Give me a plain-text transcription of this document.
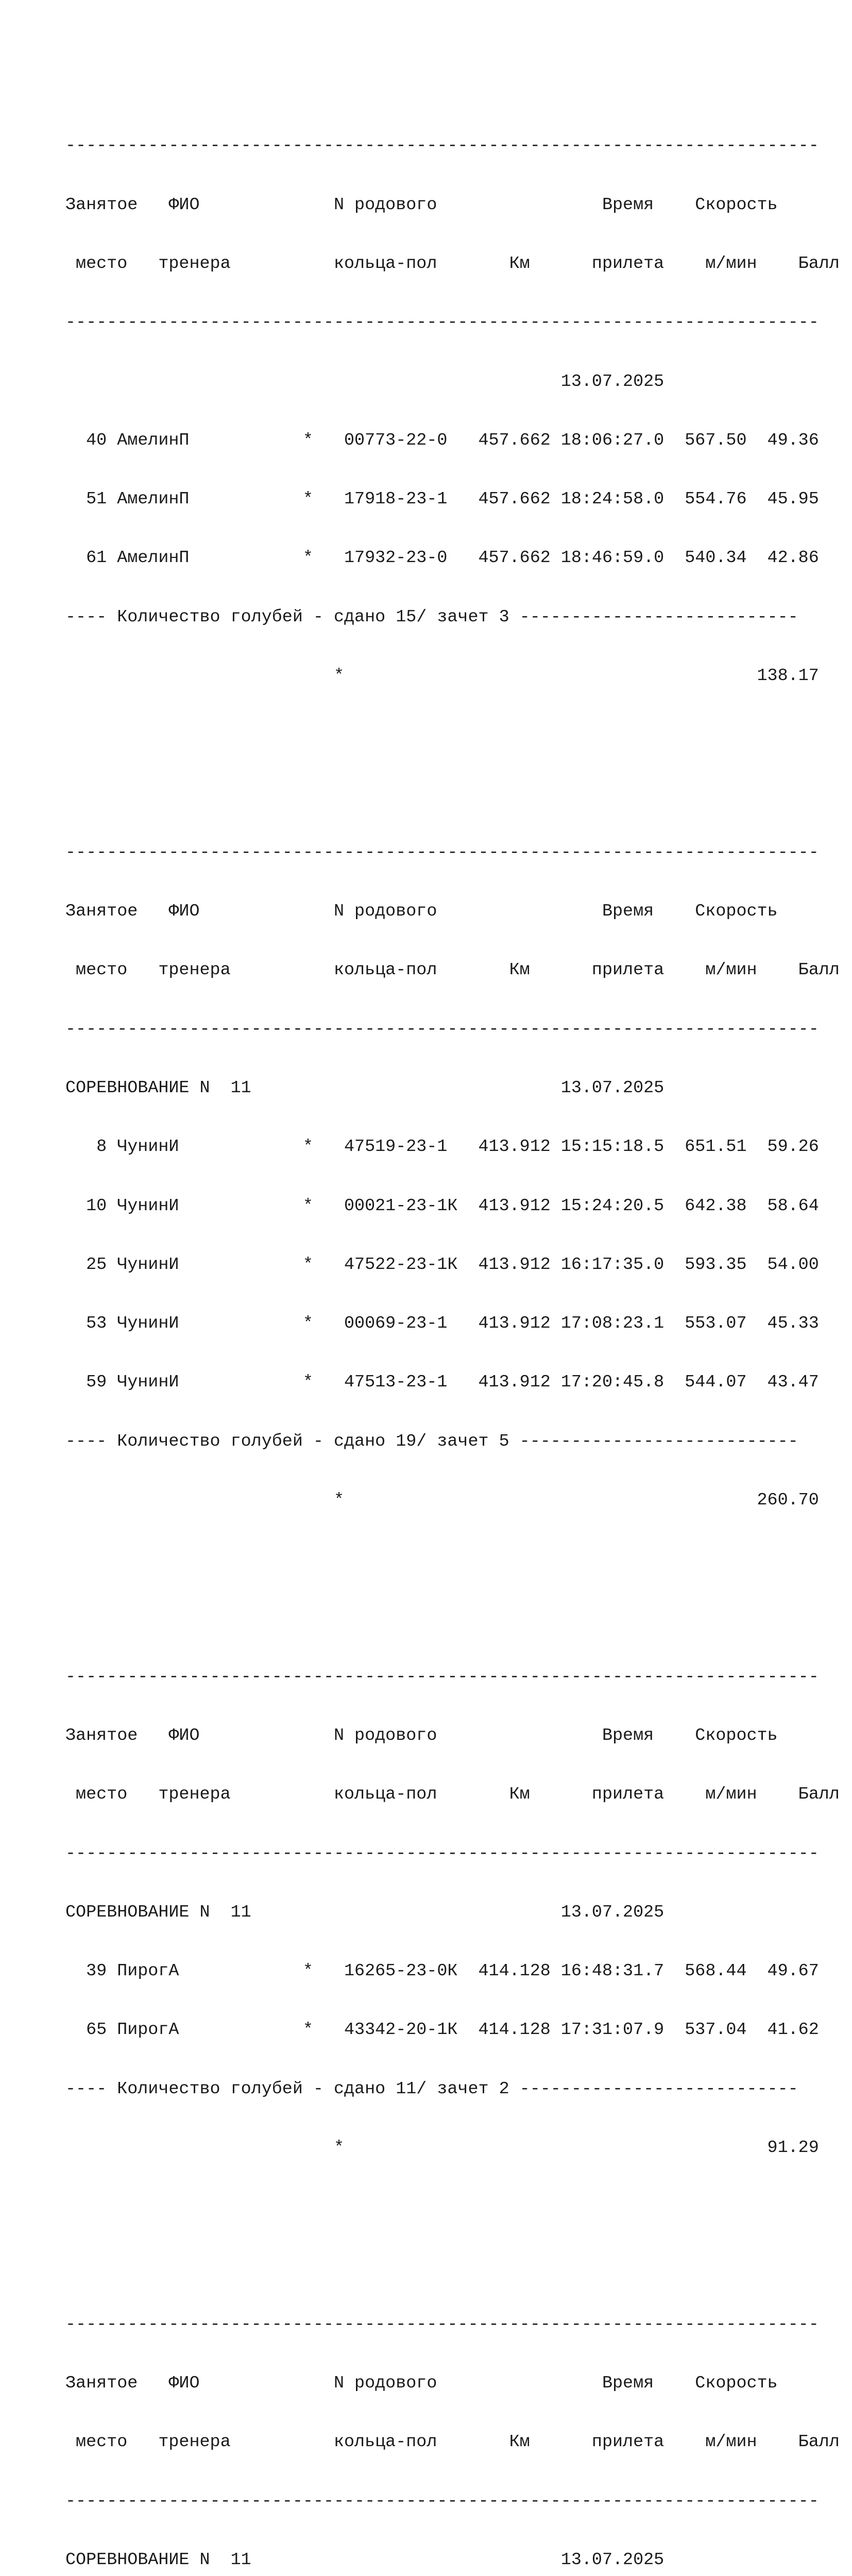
-------------------------------------------------------------------------

Занятое   ФИО             N родового                Время    Скорость

место   тренера          кольца-пол       Км      прилета    м/мин    Балл

-------------------------------------------------------------------------

13.07.2025

40 АмелинП           *   00773-22-0   457.662 18:06:27.0  567.50  49.36

51 АмелинП           *   17918-23-1   457.662 18:24:58.0  554.76  45.95

61 АмелинП           *   17932-23-0   457.662 18:46:59.0  540.34  42.86

---- Количество голубей - сдано 15/ зачет 3 ---------------------------

*                                        138.17

-------------------------------------------------------------------------

Занятое   ФИО             N родового                Время    Скорость

место   тренера          кольца-пол       Км      прилета    м/мин    Балл

-------------------------------------------------------------------------

СОРЕВНОВАНИЕ N  11                              13.07.2025

8 ЧунинИ            *   47519-23-1   413.912 15:15:18.5  651.51  59.26

10 ЧунинИ            *   00021-23-1К  413.912 15:24:20.5  642.38  58.64

25 ЧунинИ            *   47522-23-1К  413.912 16:17:35.0  593.35  54.00

53 ЧунинИ            *   00069-23-1   413.912 17:08:23.1  553.07  45.33

59 ЧунинИ            *   47513-23-1   413.912 17:20:45.8  544.07  43.47

---- Количество голубей - сдано 19/ зачет 5 ---------------------------

*                                        260.70

-------------------------------------------------------------------------

Занятое   ФИО             N родового                Время    Скорость

место   тренера          кольца-пол       Км      прилета    м/мин    Балл

-------------------------------------------------------------------------

СОРЕВНОВАНИЕ N  11                              13.07.2025

39 ПирогА            *   16265-23-0К  414.128 16:48:31.7  568.44  49.67

65 ПирогА            *   43342-20-1К  414.128 17:31:07.9  537.04  41.62

---- Количество голубей - сдано 11/ зачет 2 ---------------------------

*                                         91.29

-------------------------------------------------------------------------

Занятое   ФИО             N родового                Время    Скорость

место   тренера          кольца-пол       Км      прилета    м/мин    Балл

-------------------------------------------------------------------------

СОРЕВНОВАНИЕ N  11                              13.07.2025
